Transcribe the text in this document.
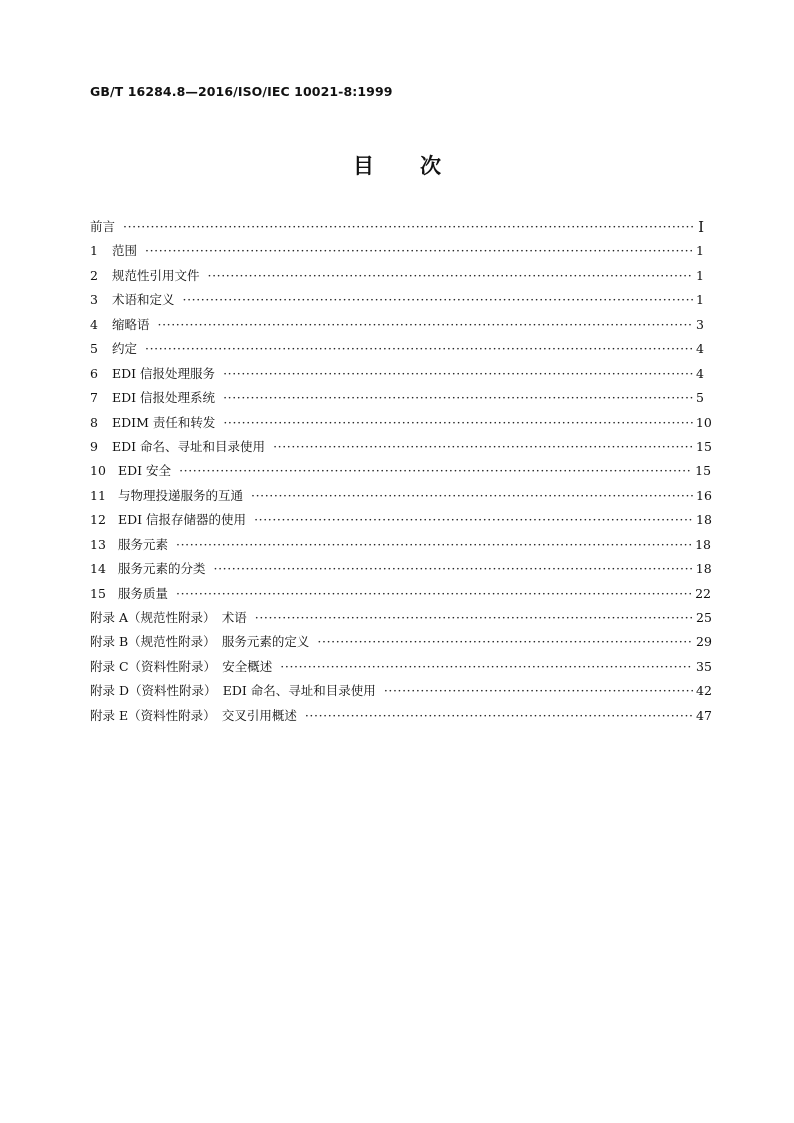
GB/T 16284.8—2016/ISO/IEC 10021-8:1999
目 次
前言 ·····	Ⅰ
1	范围 ·····	1
2	规范性引用文件 ·····	1
3	术语和定义 ·····	1
4	缩略语 ·····	3
5	约定 ·····	4
6	EDI 信报处理服务 ·····	4
7	EDI 信报处理系统 ·····	5
8	EDIM 责任和转发 ·····	10
9	EDI 命名、寻址和目录使用 ·····	15
10 EDI 安全 ·····	15
11 与物理投递服务的互通 ·····	16
12 EDI 信报存储器的使用 ·····	18
13 服务元素 ·····	18
14 服务元素的分类 ·····	18
15 服务质量 ·····	22
附录 A（规范性附录）　术语 ·····	25
附录 B（规范性附录）　服务元素的定义 ·····	29
附录 C（资料性附录）　安全概述 ·····	35
附录 D（资料性附录）　EDI 命名、寻址和目录使用 ·····	42
附录 E（资料性附录）　交叉引用概述 ·····	47
